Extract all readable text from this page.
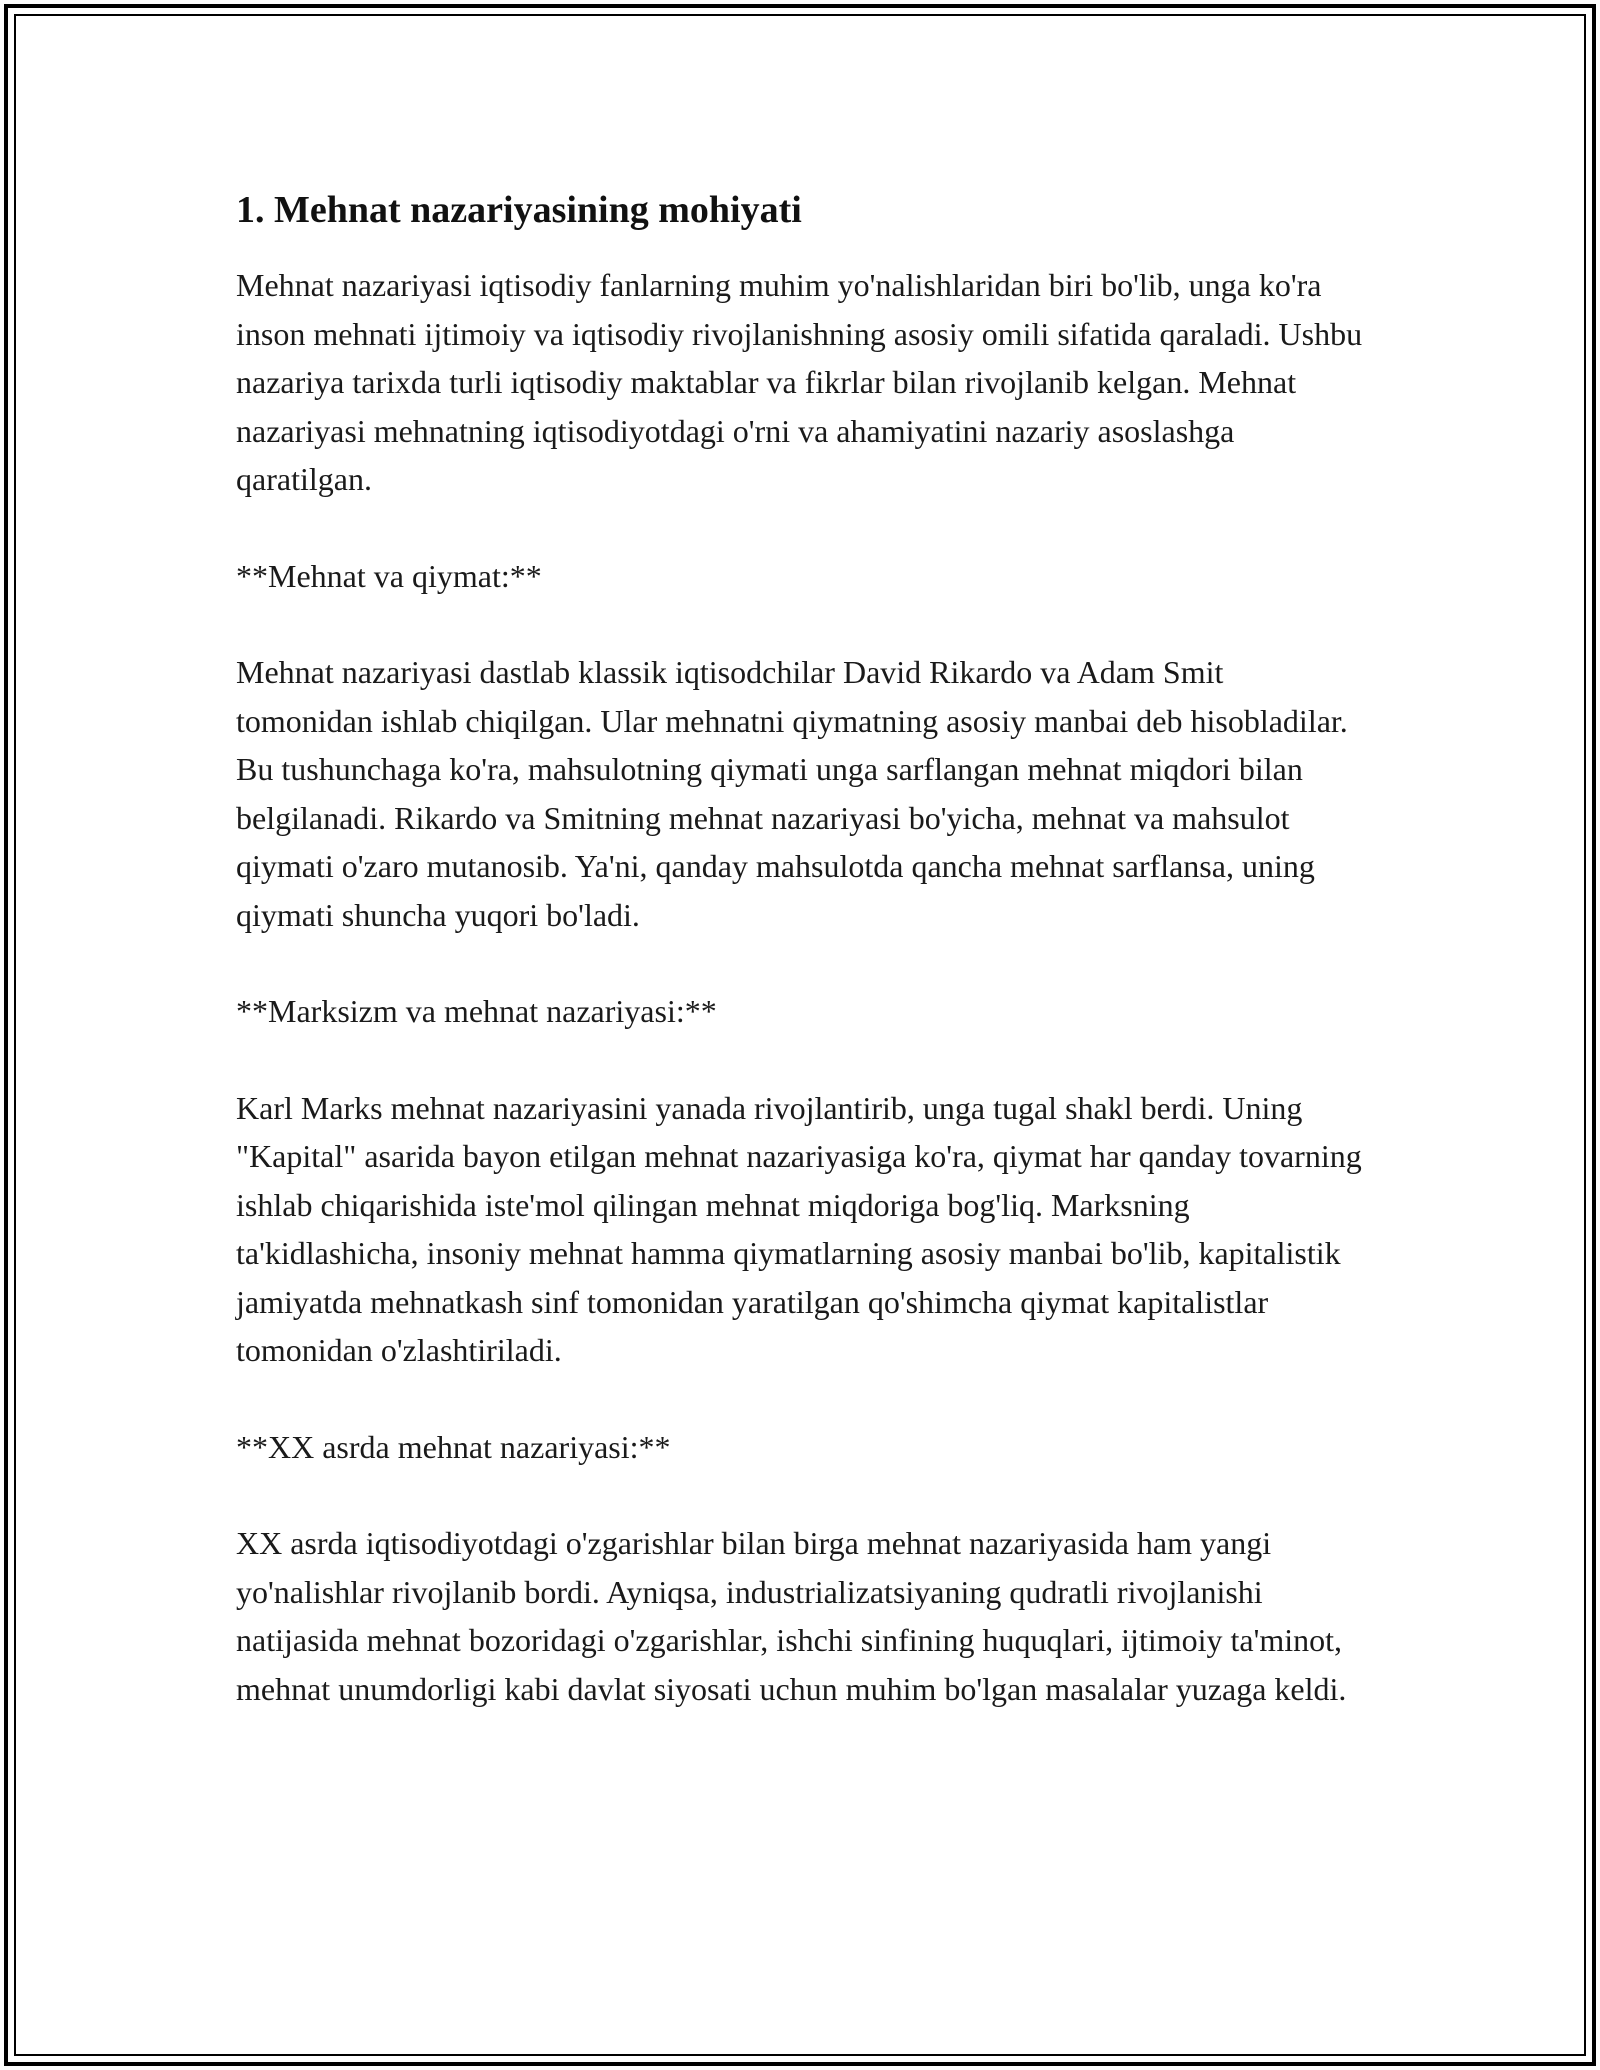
1. Mehnat nazariyasining mohiyati

Mehnat nazariyasi iqtisodiy fanlarning muhim yo'nalishlaridan biri bo'lib, unga ko'ra inson mehnati ijtimoiy va iqtisodiy rivojlanishning asosiy omili sifatida qaraladi. Ushbu nazariya tarixda turli iqtisodiy maktablar va fikrlar bilan rivojlanib kelgan. Mehnat nazariyasi mehnatning iqtisodiyotdagi o'rni va ahamiyatini nazariy asoslashga qaratilgan.

**Mehnat va qiymat:**

Mehnat nazariyasi dastlab klassik iqtisodchilar David Rikardo va Adam Smit tomonidan ishlab chiqilgan. Ular mehnatni qiymatning asosiy manbai deb hisobladilar. Bu tushunchaga ko'ra, mahsulotning qiymati unga sarflangan mehnat miqdori bilan belgilanadi. Rikardo va Smitning mehnat nazariyasi bo'yicha, mehnat va mahsulot qiymati o'zaro mutanosib. Ya'ni, qanday mahsulotda qancha mehnat sarflansa, uning qiymati shuncha yuqori bo'ladi.

**Marksizm va mehnat nazariyasi:**

Karl Marks mehnat nazariyasini yanada rivojlantirib, unga tugal shakl berdi. Uning "Kapital" asarida bayon etilgan mehnat nazariyasiga ko'ra, qiymat har qanday tovarning ishlab chiqarishida iste'mol qilingan mehnat miqdoriga bog'liq. Marksning ta'kidlashicha, insoniy mehnat hamma qiymatlarning asosiy manbai bo'lib, kapitalistik jamiyatda mehnatkash sinf tomonidan yaratilgan qo'shimcha qiymat kapitalistlar tomonidan o'zlashtiriladi.

**XX asrda mehnat nazariyasi:**

XX asrda iqtisodiyotdagi o'zgarishlar bilan birga mehnat nazariyasida ham yangi yo'nalishlar rivojlanib bordi. Ayniqsa, industrializatsiyaning qudratli rivojlanishi natijasida mehnat bozoridagi o'zgarishlar, ishchi sinfining huquqlari, ijtimoiy ta'minot, mehnat unumdorligi kabi davlat siyosati uchun muhim bo'lgan masalalar yuzaga keldi.
